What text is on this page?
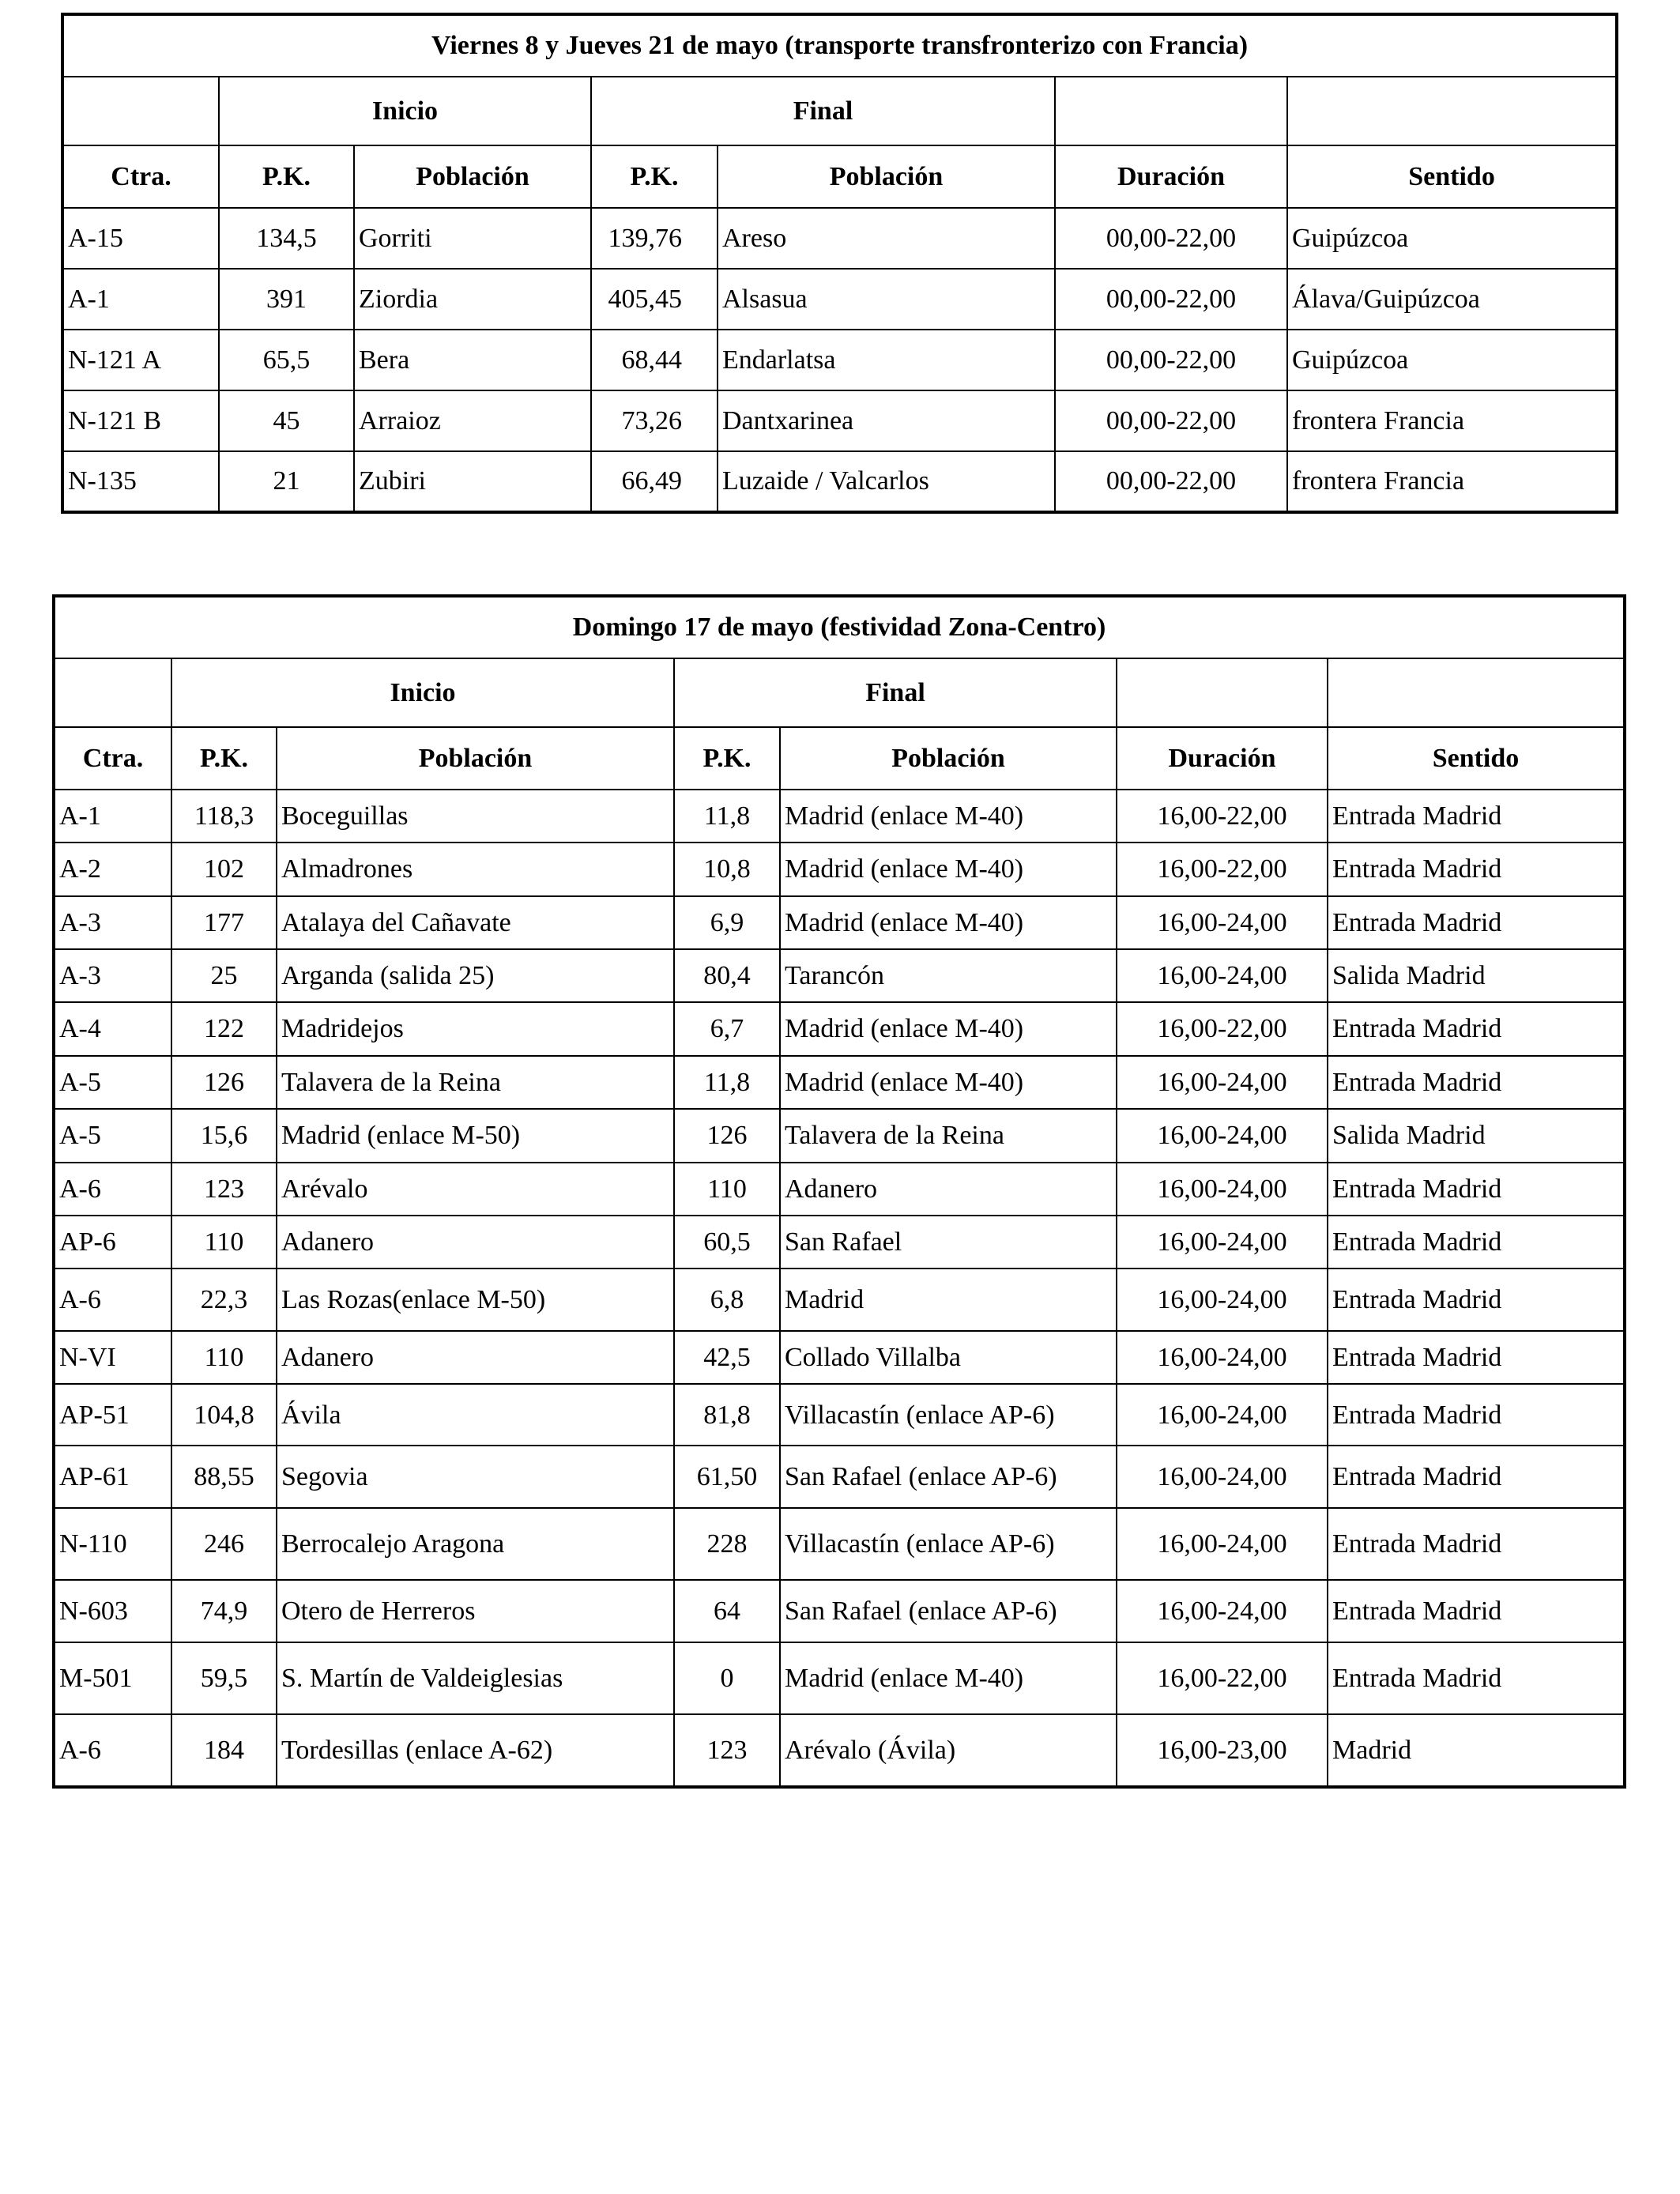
Viernes 8 y Jueves 21 de mayo (transporte transfronterizo con Francia)						
	Inicio		Final			
Ctra.	P.K.	Población	P.K.	Población	Duración	Sentido
A-15	134,5	Gorriti	139,76	Areso	00,00-22,00	Guipúzcoa
A-1	391	Ziordia	405,45	Alsasua	00,00-22,00	Álava/Guipúzcoa
N-121 A	65,5	Bera	68,44	Endarlatsa	00,00-22,00	Guipúzcoa
N-121 B	45	Arraioz	73,26	Dantxarinea	00,00-22,00	frontera Francia
N-135	21	Zubiri	66,49	Luzaide / Valcarlos	00,00-22,00	frontera Francia
Domingo 17 de mayo (festividad Zona-Centro)						
	Inicio		Final			
Ctra.	P.K.	Población	P.K.	Población	Duración	Sentido
A-1	118,3	Boceguillas	11,8	Madrid (enlace M-40)	16,00-22,00	Entrada Madrid
A-2	102	Almadrones	10,8	Madrid (enlace M-40)	16,00-22,00	Entrada Madrid
A-3	177	Atalaya del Cañavate	6,9	Madrid (enlace M-40)	16,00-24,00	Entrada Madrid
A-3	25	Arganda (salida 25)	80,4	Tarancón	16,00-24,00	Salida Madrid
A-4	122	Madridejos	6,7	Madrid (enlace M-40)	16,00-22,00	Entrada Madrid
A-5	126	Talavera de la Reina	11,8	Madrid (enlace M-40)	16,00-24,00	Entrada Madrid
A-5	15,6	Madrid (enlace M-50)	126	Talavera de la Reina	16,00-24,00	Salida Madrid
A-6	123	Arévalo	110	Adanero	16,00-24,00	Entrada Madrid
AP-6	110	Adanero	60,5	San Rafael	16,00-24,00	Entrada Madrid
A-6	22,3	Las Rozas(enlace M-50)	6,8	Madrid	16,00-24,00	Entrada Madrid
N-VI	110	Adanero	42,5	Collado Villalba	16,00-24,00	Entrada Madrid
AP-51	104,8	Ávila	81,8	Villacastín (enlace AP-6)	16,00-24,00	Entrada Madrid
AP-61	88,55	Segovia	61,50	San Rafael (enlace AP-6)	16,00-24,00	Entrada Madrid
N-110	246	Berrocalejo Aragona	228	Villacastín (enlace AP-6)	16,00-24,00	Entrada Madrid
N-603	74,9	Otero de Herreros	64	San Rafael (enlace AP-6)	16,00-24,00	Entrada Madrid
M-501	59,5	S. Martín de Valdeiglesias	0	Madrid (enlace M-40)	16,00-22,00	Entrada Madrid
A-6	184	Tordesillas (enlace A-62)	123	Arévalo (Ávila)	16,00-23,00	Madrid
